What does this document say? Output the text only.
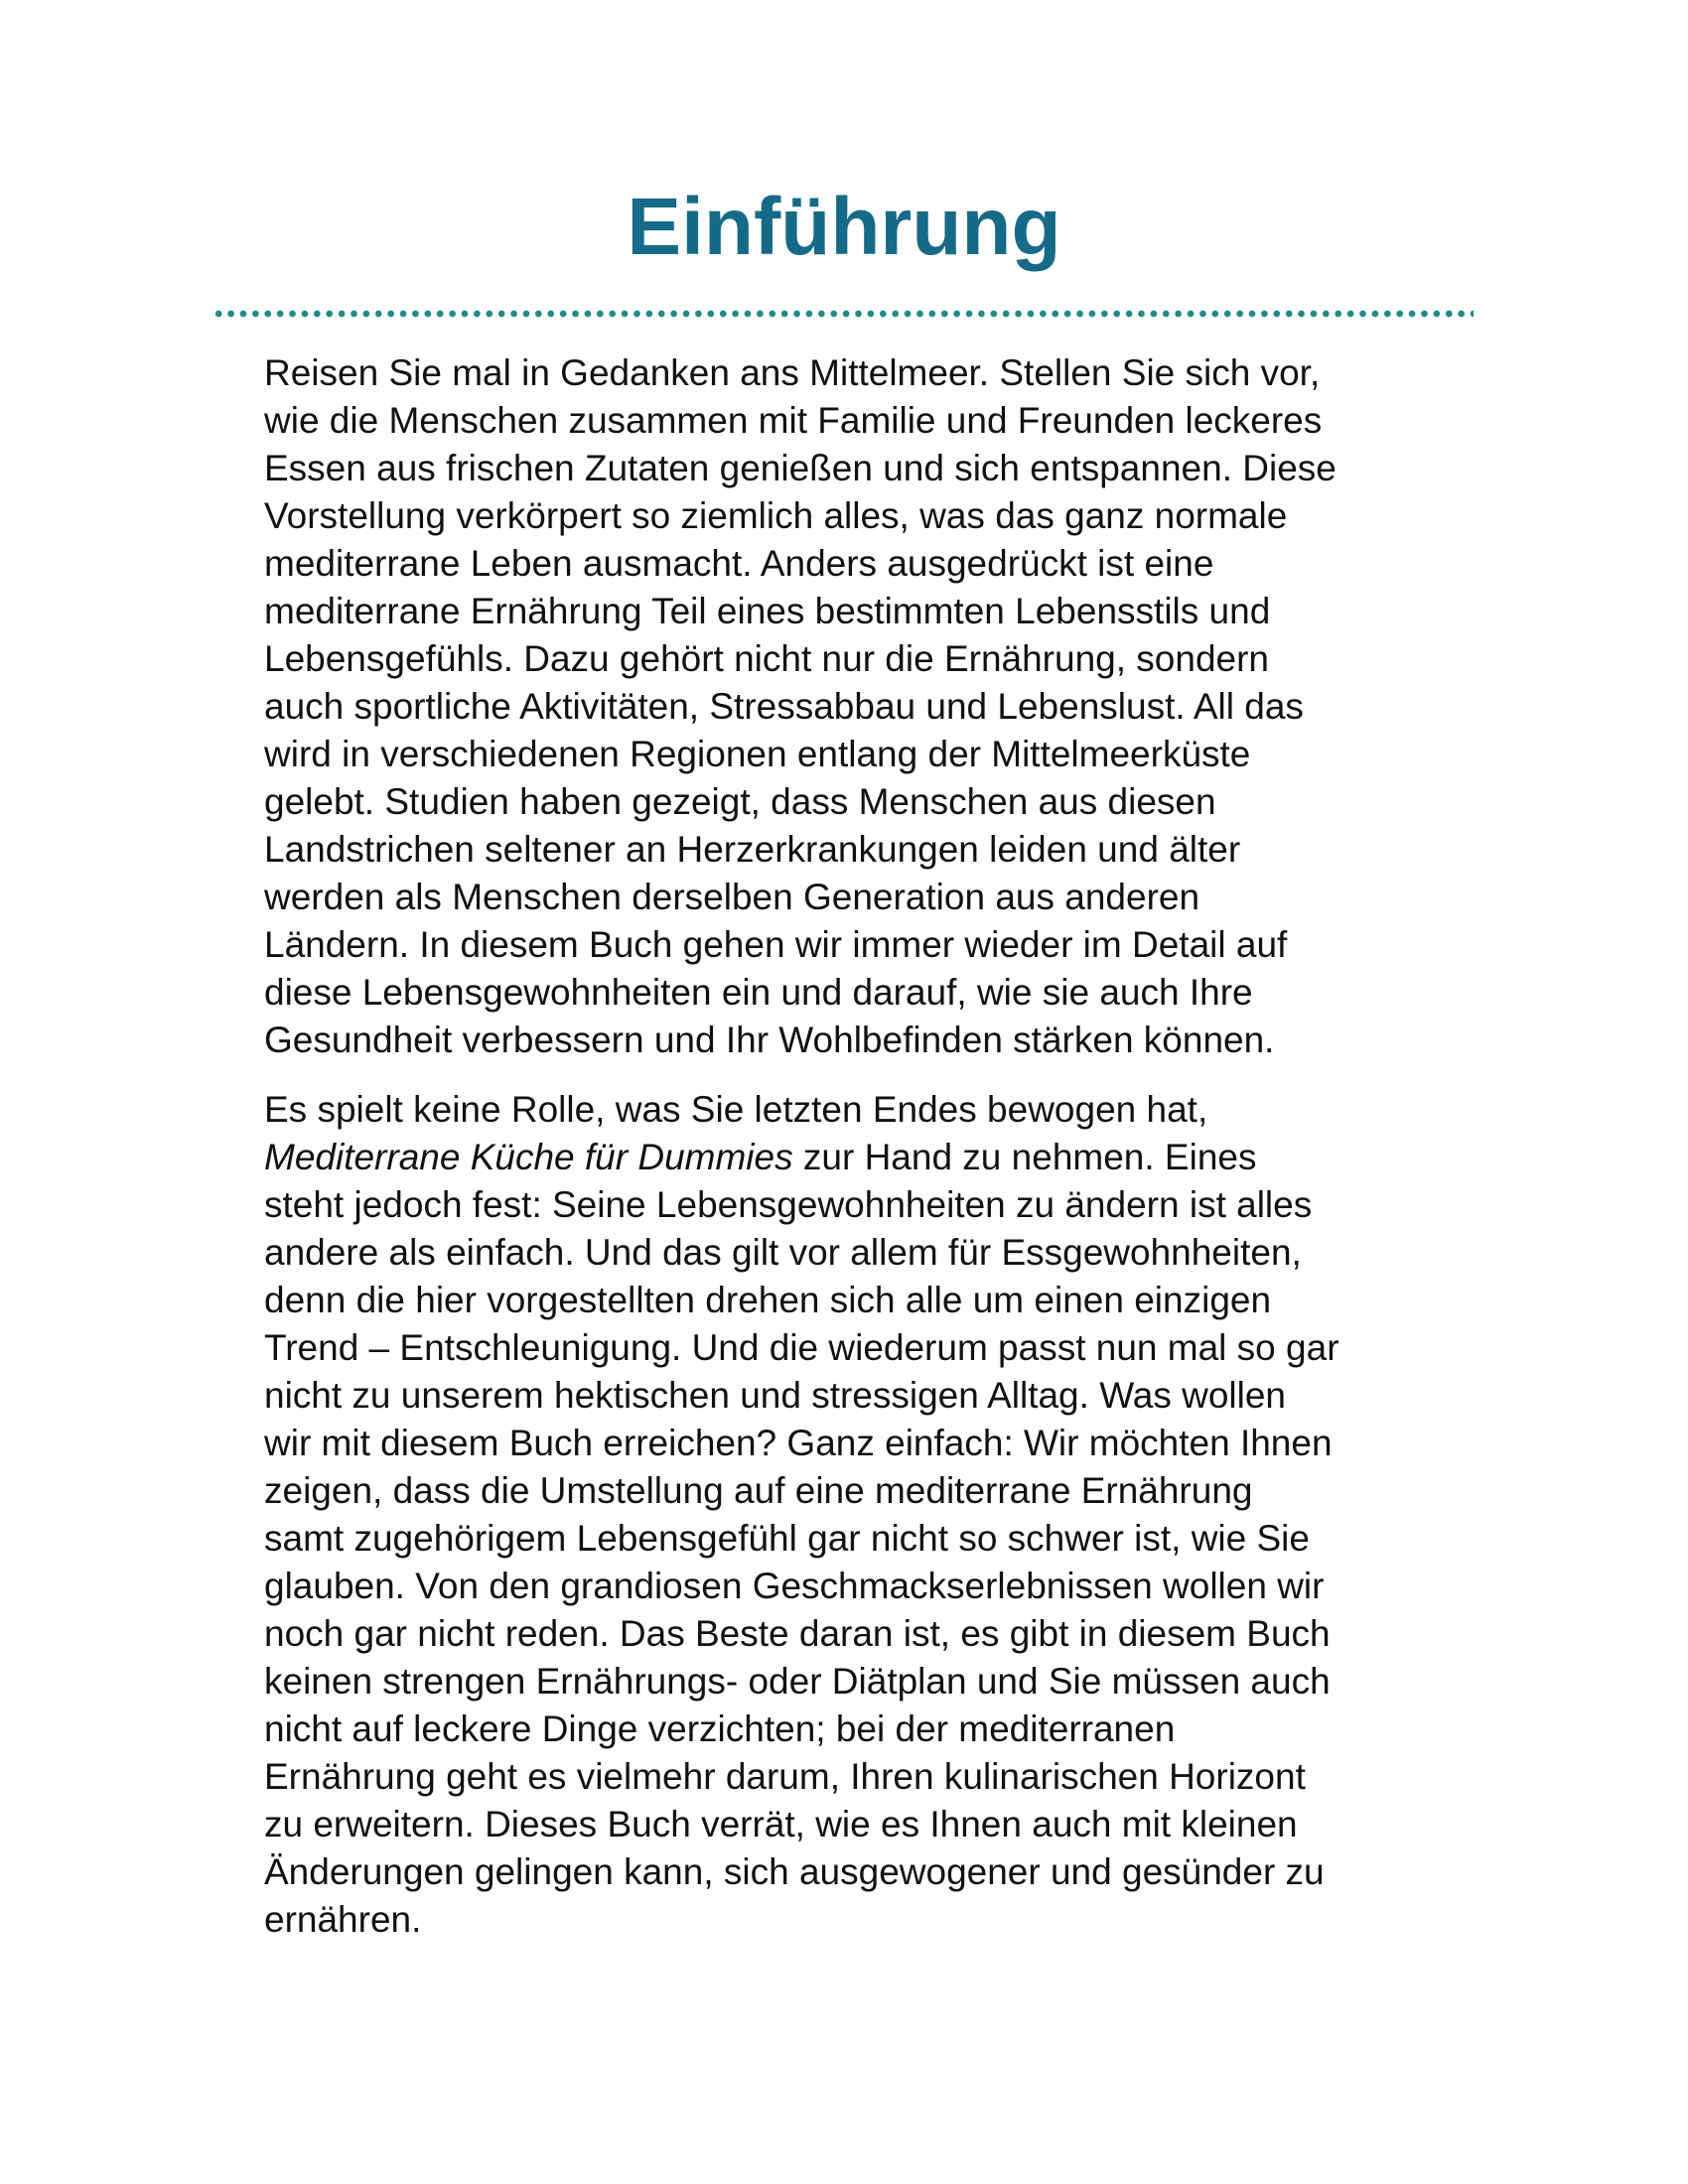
Einführung

Reisen Sie mal in Gedanken ans Mittelmeer. Stellen Sie sich vor,
wie die Menschen zusammen mit Familie und Freunden leckeres
Essen aus frischen Zutaten genießen und sich entspannen. Diese
Vorstellung verkörpert so ziemlich alles, was das ganz normale
mediterrane Leben ausmacht. Anders ausgedrückt ist eine
mediterrane Ernährung Teil eines bestimmten Lebensstils und
Lebensgefühls. Dazu gehört nicht nur die Ernährung, sondern
auch sportliche Aktivitäten, Stressabbau und Lebenslust. All das
wird in verschiedenen Regionen entlang der Mittelmeerküste
gelebt. Studien haben gezeigt, dass Menschen aus diesen
Landstrichen seltener an Herzerkrankungen leiden und älter
werden als Menschen derselben Generation aus anderen
Ländern. In diesem Buch gehen wir immer wieder im Detail auf
diese Lebensgewohnheiten ein und darauf, wie sie auch Ihre
Gesundheit verbessern und Ihr Wohlbefinden stärken können.

Es spielt keine Rolle, was Sie letzten Endes bewogen hat,
Mediterrane Küche für Dummies zur Hand zu nehmen. Eines
steht jedoch fest: Seine Lebensgewohnheiten zu ändern ist alles
andere als einfach. Und das gilt vor allem für Essgewohnheiten,
denn die hier vorgestellten drehen sich alle um einen einzigen
Trend – Entschleunigung. Und die wiederum passt nun mal so gar
nicht zu unserem hektischen und stressigen Alltag. Was wollen
wir mit diesem Buch erreichen? Ganz einfach: Wir möchten Ihnen
zeigen, dass die Umstellung auf eine mediterrane Ernährung
samt zugehörigem Lebensgefühl gar nicht so schwer ist, wie Sie
glauben. Von den grandiosen Geschmackserlebnissen wollen wir
noch gar nicht reden. Das Beste daran ist, es gibt in diesem Buch
keinen strengen Ernährungs- oder Diätplan und Sie müssen auch
nicht auf leckere Dinge verzichten; bei der mediterranen
Ernährung geht es vielmehr darum, Ihren kulinarischen Horizont
zu erweitern. Dieses Buch verrät, wie es Ihnen auch mit kleinen
Änderungen gelingen kann, sich ausgewogener und gesünder zu
ernähren.
